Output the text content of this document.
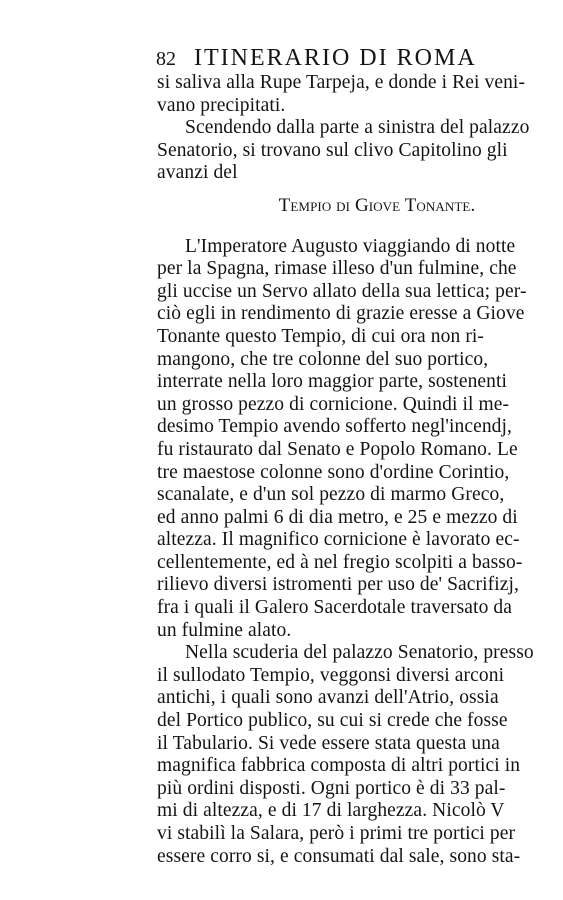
82 ITINERARIO DI ROMA
si saliva alla Rupe Tarpeja, e donde i Rei veni-
vano precipitati.
Scendendo dalla parte a sinistra del palazzo
Senatorio, si trovano sul clivo Capitolino gli
avanzi del
Tempio di Giove Tonante.
L'Imperatore Augusto viaggiando di notte
per la Spagna, rimase illeso d'un fulmine, che
gli uccise un Servo allato della sua lettica; per-
ciò egli in rendimento di grazie eresse a Giove
Tonante questo Tempio, di cui ora non ri-
mangono, che tre colonne del suo portico,
interrate nella loro maggior parte, sostenenti
un grosso pezzo di cornicione. Quindi il me-
desimo Tempio avendo sofferto negl'incendj,
fu ristaurato dal Senato e Popolo Romano. Le
tre maestose colonne sono d'ordine Corintio,
scanalate, e d'un sol pezzo di marmo Greco,
ed anno palmi 6 di dia metro, e 25 e mezzo di
altezza. Il magnifico cornicione è lavorato ec-
cellentemente, ed à nel fregio scolpiti a basso-
rilievo diversi istromenti per uso de' Sacrifizj,
fra i quali il Galero Sacerdotale traversato da
un fulmine alato.
Nella scuderia del palazzo Senatorio, presso
il sullodato Tempio, veggonsi diversi arconi
antichi, i quali sono avanzi dell'Atrio, ossia
del Portico publico, su cui si crede che fosse
il Tabulario. Si vede essere stata questa una
magnifica fabbrica composta di altri portici in
più ordini disposti. Ogni portico è di 33 pal-
mi di altezza, e di 17 di larghezza. Nicolò V
vi stabilì la Salara, però i primi tre portici per
essere corro si, e consumati dal sale, sono sta-
